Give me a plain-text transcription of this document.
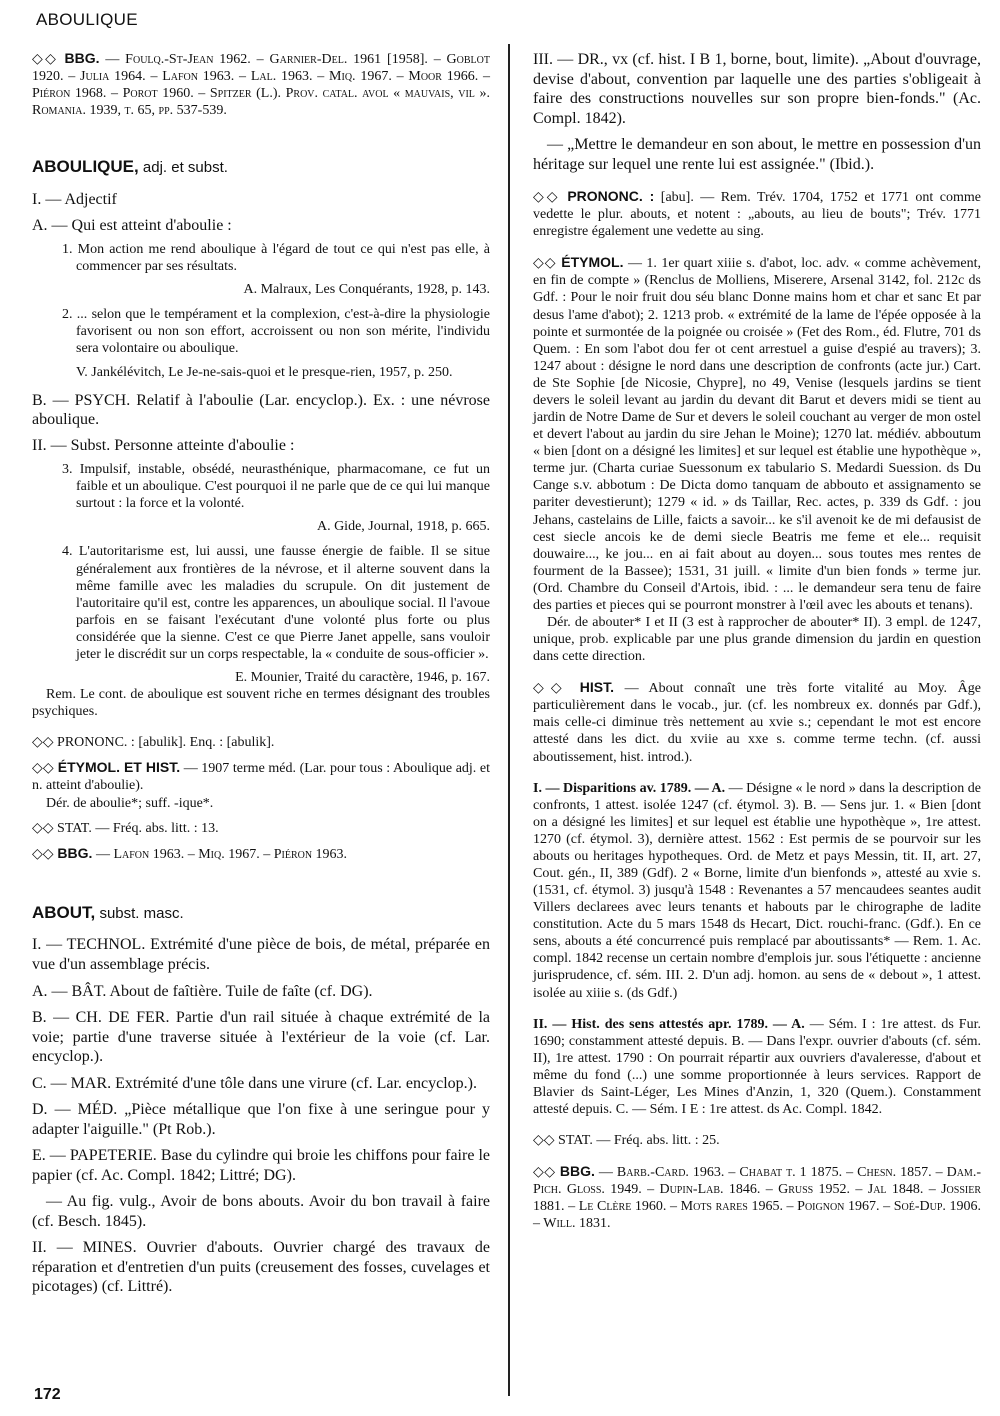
ABOULIQUE

◇◇ BBG. — Foulq.-St-Jean 1962. – Garnier-Del. 1961 [1958]. – Goblot 1920. – Julia 1964. – Lafon 1963. – Lal. 1963. – Miq. 1967. – Moor 1966. – Piéron 1968. – Porot 1960. – Spitzer (L.). Prov. catal. avol « mauvais, vil ». Romania. 1939, t. 65, pp. 537-539.

ABOULIQUE, adj. et subst.

I. — Adjectif

A. — Qui est atteint d'aboulie :

1. Mon action me rend aboulique à l'égard de tout ce qui n'est pas elle, à commencer par ses résultats.

A. Malraux, Les Conquérants, 1928, p. 143.

2. ... selon que le tempérament et la complexion, c'est-à-dire la physiologie favorisent ou non son effort, accroissent ou non son mérite, l'individu sera volontaire ou aboulique.

V. Jankélévitch, Le Je-ne-sais-quoi et le presque-rien, 1957, p. 250.

B. — PSYCH. Relatif à l'aboulie (Lar. encyclop.). Ex. : une névrose aboulique.

II. — Subst. Personne atteinte d'aboulie :

3. Impulsif, instable, obsédé, neurasthénique, pharmacomane, ce fut un faible et un aboulique. C'est pourquoi il ne parle que de ce qui lui manque surtout : la force et la volonté.

A. Gide, Journal, 1918, p. 665.

4. L'autoritarisme est, lui aussi, une fausse énergie de faible. Il se situe généralement aux frontières de la névrose, et il alterne souvent dans la même famille avec les maladies du scrupule. On dit justement de l'autoritaire qu'il est, contre les apparences, un aboulique social. Il l'avoue parfois en se faisant l'exécutant d'une volonté plus forte ou plus considérée que la sienne. C'est ce que Pierre Janet appelle, sans vouloir jeter le discrédit sur un corps respectable, la « conduite de sous-officier ».

E. Mounier, Traité du caractère, 1946, p. 167.

Rem. Le cont. de aboulique est souvent riche en termes désignant des troubles psychiques.

◇◇ PRONONC. : [abulik]. Enq. : [abulik].

◇◇ ÉTYMOL. ET HIST. — 1907 terme méd. (Lar. pour tous : Aboulique adj. et n. atteint d'aboulie).

Dér. de aboulie*; suff. -ique*.

◇◇ STAT. — Fréq. abs. litt. : 13.

◇◇ BBG. — Lafon 1963. – Miq. 1967. – Piéron 1963.

ABOUT, subst. masc.

I. — TECHNOL. Extrémité d'une pièce de bois, de métal, préparée en vue d'un assemblage précis.

A. — BÂT. About de faîtière. Tuile de faîte (cf. DG).

B. — CH. DE FER. Partie d'un rail située à chaque extrémité de la voie; partie d'une traverse située à l'extérieur de la voie (cf. Lar. encyclop.).

C. — MAR. Extrémité d'une tôle dans une virure (cf. Lar. encyclop.).

D. — MÉD. „Pièce métallique que l'on fixe à une seringue pour y adapter l'aiguille." (Pt Rob.).

E. — PAPETERIE. Base du cylindre qui broie les chiffons pour faire le papier (cf. Ac. Compl. 1842; Littré; DG).

— Au fig. vulg., Avoir de bons abouts. Avoir du bon travail à faire (cf. Besch. 1845).

II. — MINES. Ouvrier d'abouts. Ouvrier chargé des travaux de réparation et d'entretien d'un puits (creusement des fosses, cuvelages et picotages) (cf. Littré).

III. — DR., vx (cf. hist. I B 1, borne, bout, limite). „About d'ouvrage, devise d'about, convention par laquelle une des parties s'obligeait à faire des constructions nouvelles sur son propre bien-fonds." (Ac. Compl. 1842).

— „Mettre le demandeur en son about, le mettre en possession d'un héritage sur lequel une rente lui est assignée." (Ibid.).

◇◇ PRONONC. : [abu]. — Rem. Trév. 1704, 1752 et 1771 ont comme vedette le plur. abouts, et notent : „abouts, au lieu de bouts"; Trév. 1771 enregistre également une vedette au sing.

◇◇ ÉTYMOL. — 1. 1er quart xiiie s. d'abot, loc. adv. « comme achèvement, en fin de compte » (Renclus de Molliens, Miserere, Arsenal 3142, fol. 212c ds Gdf. : Pour le noir fruit dou séu blanc Donne mains hom et char et sanc Et par desus l'ame d'abot); 2. 1213 prob. « extrémité de la lame de l'épée opposée à la pointe et surmontée de la poignée ou croisée » (Fet des Rom., éd. Flutre, 701 ds Quem. : En som l'abot dou fer ot cent arrestuel a guise d'espié au travers); 3. 1247 about : désigne le nord dans une description de confronts (acte jur.) Cart. de Ste Sophie [de Nicosie, Chypre], no 49, Venise (lesquels jardins se tient devers le soleil levant au jardin du devant dit Barut et devers midi se tient au jardin de Notre Dame de Sur et devers le soleil couchant au verger de mon ostel et devert l'about au jardin du sire Jehan le Moine); 1270 lat. médiév. abboutum « bien [dont on a désigné les limites] et sur lequel est établie une hypothèque », terme jur. (Charta curiae Suessonum ex tabulario S. Medardi Suession. ds Du Cange s.v. abbotum : De Dicta domo tanquam de abbouto et assignamento se pariter devestierunt); 1279 « id. » ds Taillar, Rec. actes, p. 339 ds Gdf. : jou Jehans, castelains de Lille, faicts a savoir... ke s'il avenoit ke de mi defausist de cest siecle ancois ke de demi siecle Beatris me feme et ele... requisit douwaire..., ke jou... en ai fait about au doyen... sous toutes mes rentes de fourment de la Bassee); 1531, 31 juill. « limite d'un bien fonds » terme jur. (Ord. Chambre du Conseil d'Artois, ibid. : ... le demandeur sera tenu de faire des parties et pieces qui se pourront monstrer à l'œil avec les abouts et tenans).

Dér. de abouter* I et II (3 est à rapprocher de abouter* II). 3 empl. de 1247, unique, prob. explicable par une plus grande dimension du jardin en question dans cette direction.

◇◇ HIST. — About connaît une très forte vitalité au Moy. Âge particulièrement dans le vocab., jur. (cf. les nombreux ex. donnés par Gdf.), mais celle-ci diminue très nettement au xvie s.; cependant le mot est encore attesté dans les dict. du xviie au xxe s. comme terme techn. (cf. aussi aboutissement, hist. introd.).

I. — Disparitions av. 1789. — A. — Désigne « le nord » dans la description de confronts, 1 attest. isolée 1247 (cf. étymol. 3). B. — Sens jur. 1. « Bien [dont on a désigné les limites] et sur lequel est établie une hypothèque », 1re attest. 1270 (cf. étymol. 3), dernière attest. 1562 : Est permis de se pourvoir sur les abouts ou heritages hypotheques. Ord. de Metz et pays Messin, tit. II, art. 27, Cout. gén., II, 389 (Gdf). 2 « Borne, limite d'un bienfonds », attesté au xvie s. (1531, cf. étymol. 3) jusqu'à 1548 : Revenantes a 57 mencaudees seantes audit Villers declarees avec leurs tenants et habouts par le chirographe de ladite constitution. Acte du 5 mars 1548 ds Hecart, Dict. rouchi-franc. (Gdf.). En ce sens, abouts a été concurrencé puis remplacé par aboutissants* — Rem. 1. Ac. compl. 1842 recense un certain nombre d'emplois jur. sous l'étiquette : ancienne jurisprudence, cf. sém. III. 2. D'un adj. homon. au sens de « debout », 1 attest. isolée au xiiie s. (ds Gdf.)

II. — Hist. des sens attestés apr. 1789. — A. — Sém. I : 1re attest. ds Fur. 1690; constamment attesté depuis. B. — Dans l'expr. ouvrier d'abouts (cf. sém. II), 1re attest. 1790 : On pourrait répartir aux ouvriers d'avaleresse, d'about et même du fond (...) une somme proportionnée à leurs services. Rapport de Blavier ds Saint-Léger, Les Mines d'Anzin, 1, 320 (Quem.). Constamment attesté depuis. C. — Sém. I E : 1re attest. ds Ac. Compl. 1842.

◇◇ STAT. — Fréq. abs. litt. : 25.

◇◇ BBG. — Barb.-Card. 1963. – Chabat t. 1 1875. – Chesn. 1857. – Dam.-Pich. Gloss. 1949. – Dupin-Lab. 1846. – Gruss 1952. – Jal 1848. – Jossier 1881. – Le Clère 1960. – Mots rares 1965. – Poignon 1967. – Soé-Dup. 1906. – Will. 1831.

172
